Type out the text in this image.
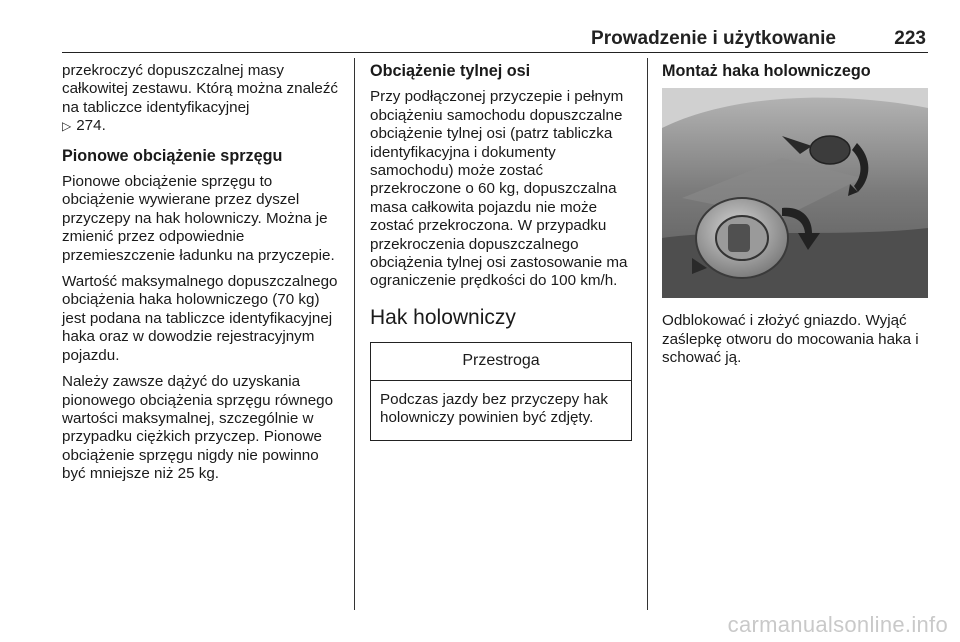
Prowadzenie i użytkowanie	223

przekroczyć dopuszczalnej masy całkowitej zestawu. Którą można znaleźć na tabliczce identyfikacyjnej
▷ 274.

Pionowe obciążenie sprzęgu

Pionowe obciążenie sprzęgu to obciążenie wywierane przez dyszel przyczepy na hak holowniczy. Można je zmienić przez odpowiednie przemieszczenie ładunku na przyczepie.

Wartość maksymalnego dopuszczalnego obciążenia haka holowniczego (70 kg) jest podana na tabliczce identyfikacyjnej haka oraz w dowodzie rejestracyjnym pojazdu.

Należy zawsze dążyć do uzyskania pionowego obciążenia sprzęgu równego wartości maksymalnej, szczególnie w przypadku ciężkich przyczep. Pionowe obciążenie sprzęgu nigdy nie powinno być mniejsze niż 25 kg.

Obciążenie tylnej osi

Przy podłączonej przyczepie i pełnym obciążeniu samochodu dopuszczalne obciążenie tylnej osi (patrz tabliczka identyfikacyjna i dokumenty samochodu) może zostać przekroczone o 60 kg, dopuszczalna masa całkowita pojazdu nie może zostać przekroczona. W przypadku przekroczenia dopuszczalnego obciążenia tylnej osi zastosowanie ma ograniczenie prędkości do 100 km/h.

Hak holowniczy
Przestroga
Podczas jazdy bez przyczepy hak holowniczy powinien być zdjęty.
Montaż haka holowniczego

Odblokować i złożyć gniazdo. Wyjąć zaślepkę otworu do mocowania haka i schować ją.

carmanualsonline.info
